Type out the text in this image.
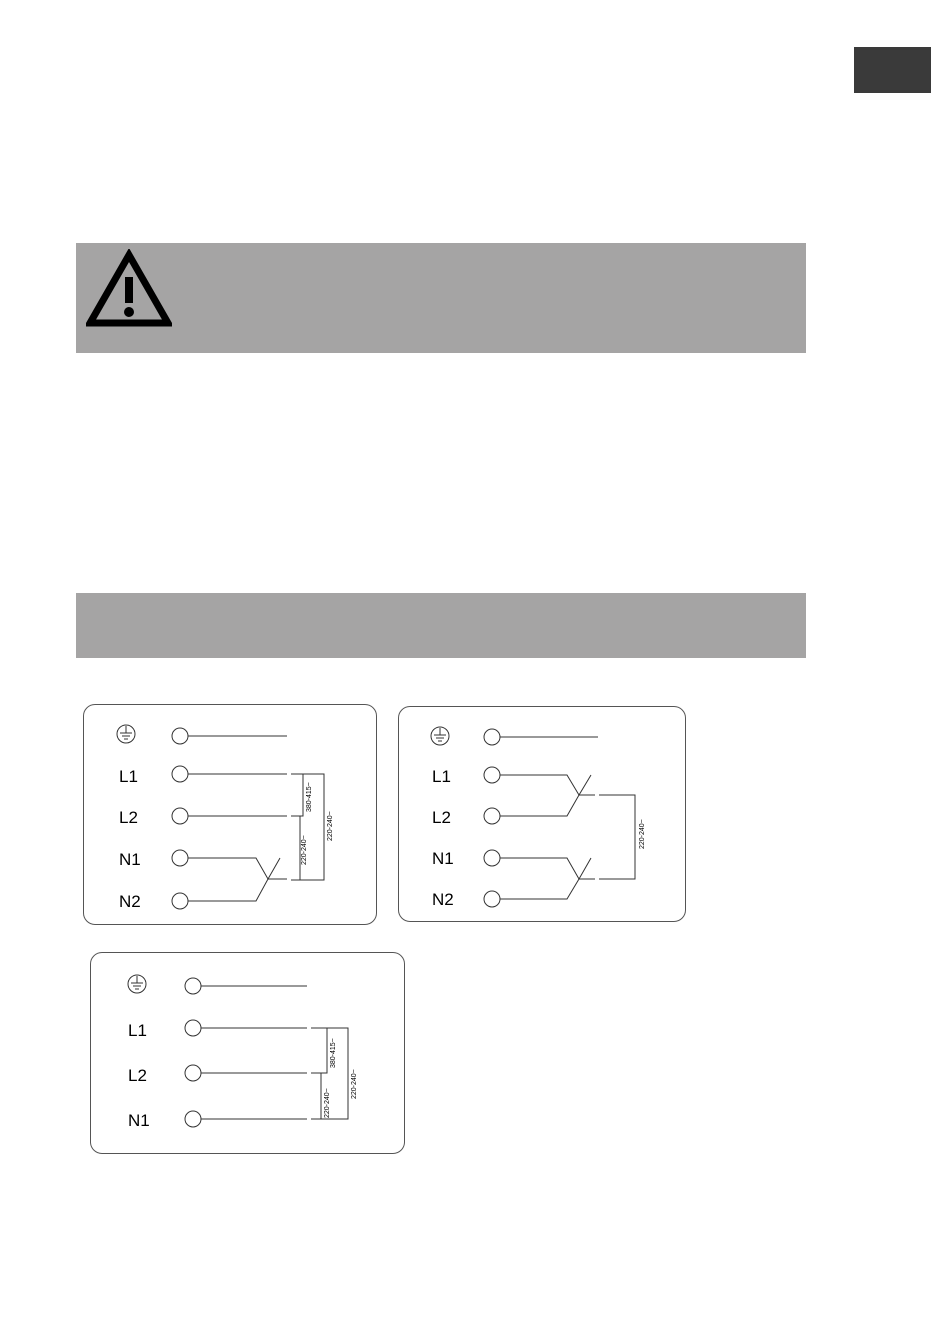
L1
L2
N1
N2
380-415~
220-240~
220-240~
L1
L2
N1
N2
220-240~
L1
L2
N1
380-415~
220-240~
220-240~
